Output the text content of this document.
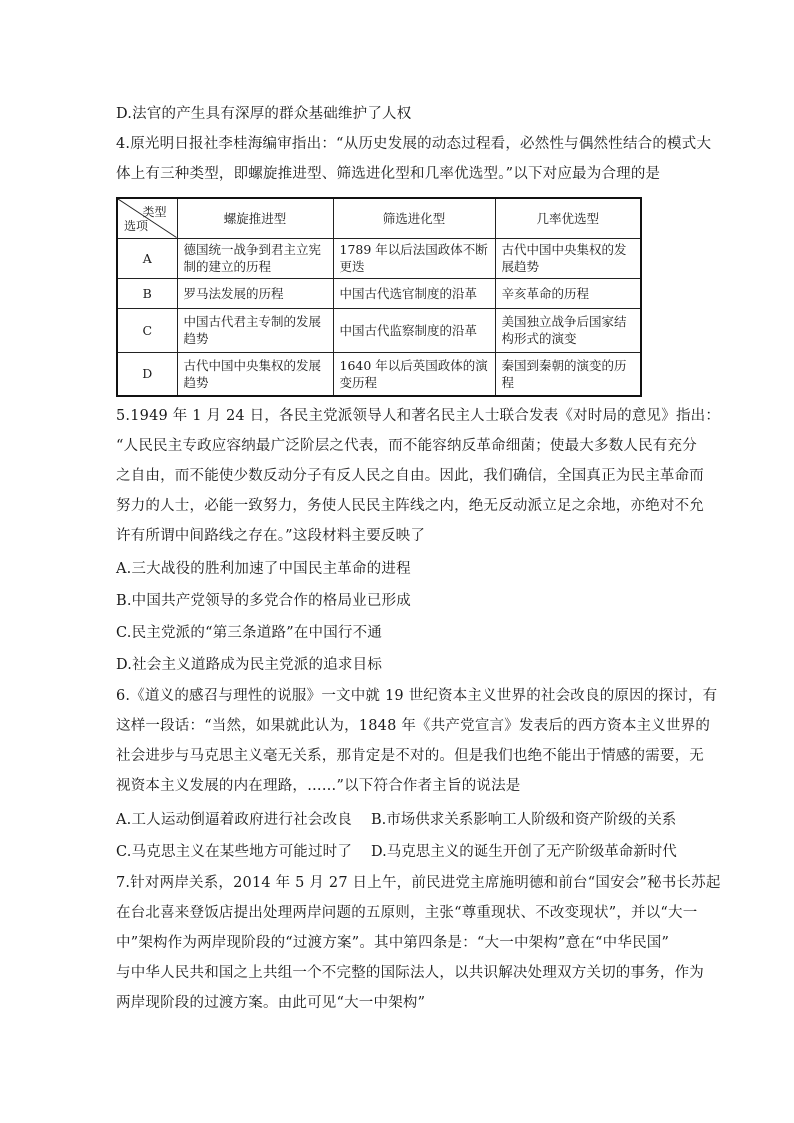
D.法官的产生具有深厚的群众基础维护了人权
4.原光明日报社李桂海编审指出：“从历史发展的动态过程看，必然性与偶然性结合的模式大
体上有三种类型，即螺旋推进型、筛选进化型和几率优选型。”以下对应最为合理的是
类型
选项	螺旋推进型	筛选进化型	几率优选型
A	德国统一战争到君主立宪制的建立的历程	1789 年以后法国政体不断更迭	古代中国中央集权的发展趋势
B	罗马法发展的历程	中国古代选官制度的沿革	辛亥革命的历程
C	中国古代君主专制的发展趋势	中国古代监察制度的沿革	美国独立战争后国家结构形式的演变
D	古代中国中央集权的发展趋势	1640 年以后英国政体的演变历程	秦国到秦朝的演变的历程
5.1949 年 1 月 24 日，各民主党派领导人和著名民主人士联合发表《对时局的意见》指出：
“人民民主专政应容纳最广泛阶层之代表，而不能容纳反革命细菌；使最大多数人民有充分
之自由，而不能使少数反动分子有反人民之自由。因此，我们确信，全国真正为民主革命而
努力的人士，必能一致努力，务使人民民主阵线之内，绝无反动派立足之余地，亦绝对不允
许有所谓中间路线之存在。”这段材料主要反映了
A.三大战役的胜利加速了中国民主革命的进程
B.中国共产党领导的多党合作的格局业已形成
C.民主党派的“第三条道路”在中国行不通
D.社会主义道路成为民主党派的追求目标
6.《道义的感召与理性的说服》一文中就 19 世纪资本主义世界的社会改良的原因的探讨，有
这样一段话：“当然，如果就此认为，1848 年《共产党宣言》发表后的西方资本主义世界的
社会进步与马克思主义毫无关系，那肯定是不对的。但是我们也绝不能出于情感的需要，无
视资本主义发展的内在理路，……”以下符合作者主旨的说法是
A.工人运动倒逼着政府进行社会改良 B.市场供求关系影响工人阶级和资产阶级的关系
C.马克思主义在某些地方可能过时了 D.马克思主义的诞生开创了无产阶级革命新时代
7.针对两岸关系，2014 年 5 月 27 日上午，前民进党主席施明德和前台“国安会”秘书长苏起
在台北喜来登饭店提出处理两岸问题的五原则，主张“尊重现状、不改变现状”，并以“大一
中”架构作为两岸现阶段的“过渡方案”。其中第四条是：“大一中架构”意在“中华民国”
与中华人民共和国之上共组一个不完整的国际法人，以共识解决处理双方关切的事务，作为
两岸现阶段的过渡方案。由此可见“大一中架构”
